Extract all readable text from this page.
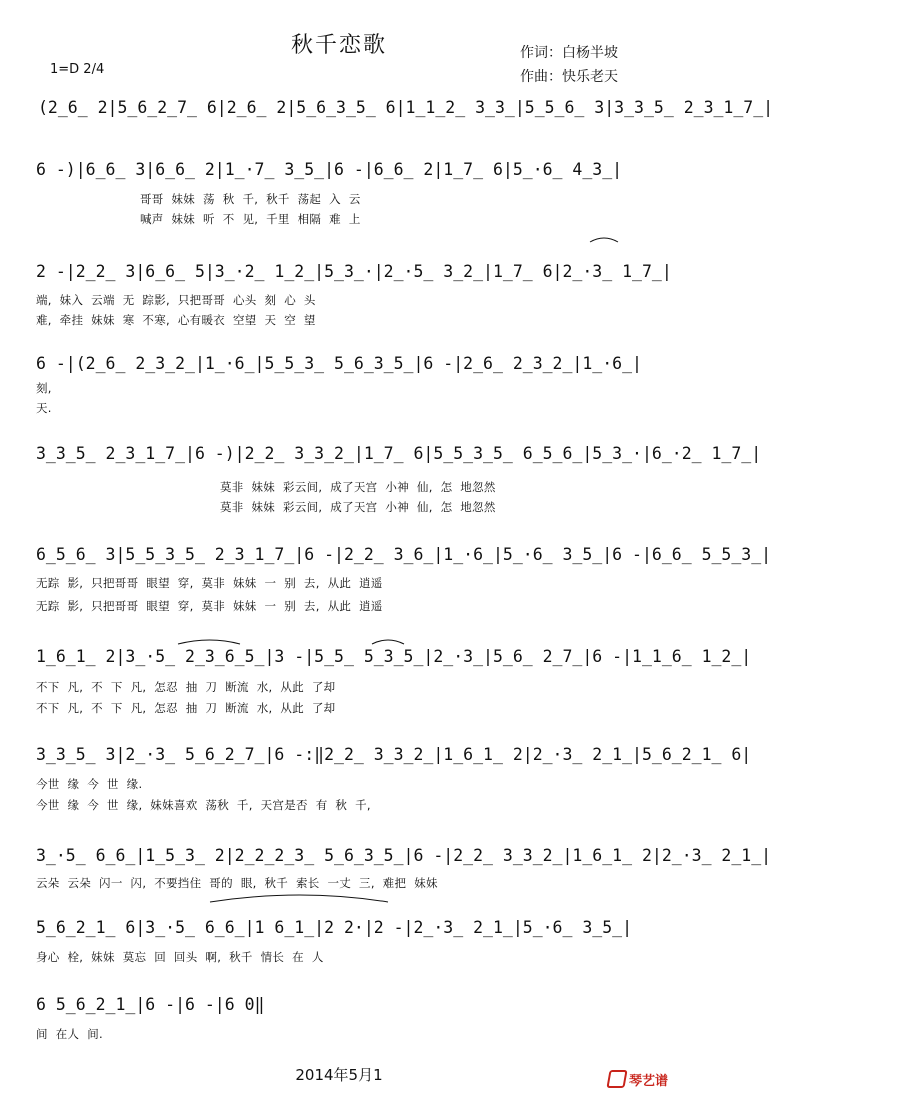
秋千恋歌	作词：白杨半坡
作曲：快乐老天
1=D 2/4
(2̲6̲ 2|5̲6̲2̲7̲ 6|2̲6̲ 2|5̲6̲3̲5̲ 6|1̲1̲2̲ 3̲3̲|5̲5̲6̲ 3|3̲3̲5̲ 2̲3̲1̲7̲|
6 -)|6̲6̲ 3|6̲6̲ 2|1̲·7̲ 3̲5̲|6 -|6̲6̲ 2|1̲7̲ 6|5̲·6̲ 4̲3̲|
哥哥  妹妹  荡  秋  千,  秋千  荡起  入  云
喊声  妹妹  听  不  见,  千里  相隔  难  上
2 -|2̲2̲ 3|6̲6̲ 5|3̲·2̲ 1̲2̲|5̲3̲·|2̲·5̲ 3̲2̲|1̲7̲ 6|2̲·3̲ 1̲7̲|
端,  妹入  云端  无  踪影,  只把哥哥  心头  刻  心  头
难,  牵挂  妹妹  寒  不寒,  心有暖衣  空望  天  空  望
6 -|(2̲6̲ 2̲3̲2̲|1̲·6̲|5̲5̲3̲ 5̲6̲3̲5̲|6 -|2̲6̲ 2̲3̲2̲|1̲·6̲|
刻,
天.
3̲3̲5̲ 2̲3̲1̲7̲|6 -)|2̲2̲ 3̲3̲2̲|1̲7̲ 6|5̲5̲3̲5̲ 6̲5̲6̲|5̲3̲·|6̲·2̲ 1̲7̲|
莫非  妹妹  彩云间,  成了天宫  小神  仙,  怎  地忽然
莫非  妹妹  彩云间,  成了天宫  小神  仙,  怎  地忽然
6̲5̲6̲ 3|5̲5̲3̲5̲ 2̲3̲1̲7̲|6 -|2̲2̲ 3̲6̲|1̲·6̲|5̲·6̲ 3̲5̲|6 -|6̲6̲ 5̲5̲3̲|
无踪  影,  只把哥哥  眼望  穿,  莫非  妹妹  一  别  去,  从此  逍遥
无踪  影,  只把哥哥  眼望  穿,  莫非  妹妹  一  别  去,  从此  逍遥
1̲6̲1̲ 2|3̲·5̲ 2̲3̲6̲5̲|3 -|5̲5̲ 5̲3̲5̲|2̲·3̲|5̲6̲ 2̲7̲|6 -|1̲1̲6̲ 1̲2̲|
不下  凡,  不  下  凡,  怎忍  抽  刀  断流  水,  从此  了却
不下  凡,  不  下  凡,  怎忍  抽  刀  断流  水,  从此  了却
3̲3̲5̲ 3|2̲·3̲ 5̲6̲2̲7̲|6 -:‖2̲2̲ 3̲3̲2̲|1̲6̲1̲ 2|2̲·3̲ 2̲1̲|5̲6̲2̲1̲ 6|
今世  缘  今  世  缘.
今世  缘  今  世  缘,  妹妹喜欢  荡秋  千,  天宫是否  有  秋  千,
3̲·5̲ 6̲6̲|1̲5̲3̲ 2|2̲2̲2̲3̲ 5̲6̲3̲5̲|6 -|2̲2̲ 3̲3̲2̲|1̲6̲1̲ 2|2̲·3̲ 2̲1̲|
云朵  云朵  闪一  闪,  不要挡住  哥的  眼,  秋千  索长  一丈  三,  难把  妹妹
5̲6̲2̲1̲ 6|3̲·5̲ 6̲6̲|1 6̲1̲|2 2·|2 -|2̲·3̲ 2̲1̲|5̲·6̲ 3̲5̲|
身心  栓,  妹妹  莫忘  回  回头  啊,  秋千  情长  在  人
6 5̲6̲2̲1̲|6 -|6 -|6 0‖
间  在人  间.
2014年5月1	琴艺谱
